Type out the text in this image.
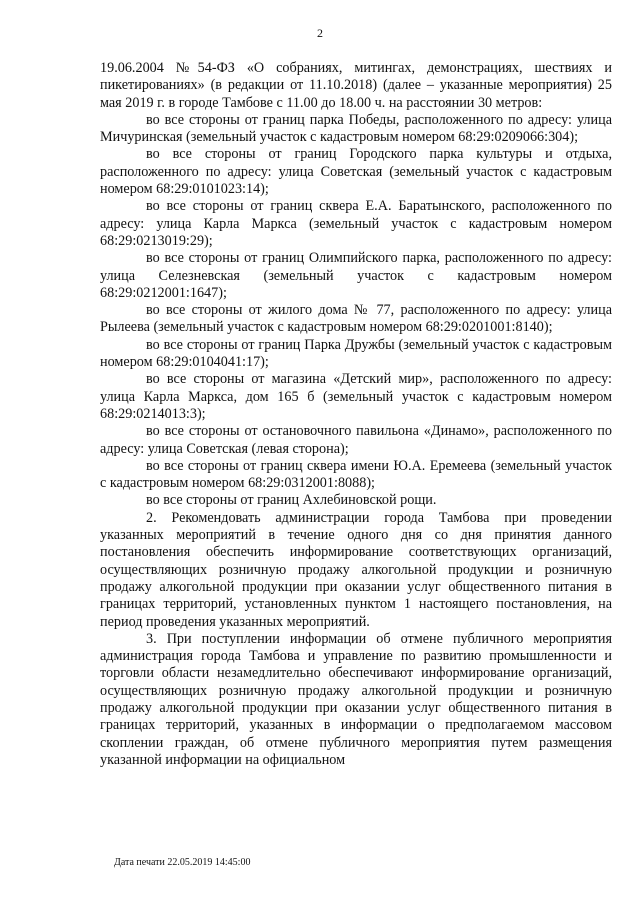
2

19.06.2004 №54-ФЗ «О собраниях, митингах, демонстрациях, шествиях и пикетированиях» (в редакции от 11.10.2018) (далее – указанные мероприятия) 25 мая 2019 г. в городе Тамбове с 11.00 до 18.00 ч. на расстоянии 30 метров:

во все стороны от границ парка Победы, расположенного по адресу: улица Мичуринская (земельный участок с кадастровым номером 68:29:0209066:304);

во все стороны от границ Городского парка культуры и отдыха, расположенного по адресу: улица Советская (земельный участок с кадастровым номером 68:29:0101023:14);

во все стороны от границ сквера Е.А. Баратынского, расположенного по адресу: улица Карла Маркса (земельный участок с кадастровым номером 68:29:0213019:29);

во все стороны от границ Олимпийского парка, расположенного по адресу: улица Селезневская (земельный участок с кадастровым номером 68:29:0212001:1647);

во все стороны от жилого дома № 77, расположенного по адресу: улица Рылеева (земельный участок с кадастровым номером 68:29:0201001:8140);

во все стороны от границ Парка Дружбы (земельный участок с кадастровым номером 68:29:0104041:17);

во все стороны от магазина «Детский мир», расположенного по адресу: улица Карла Маркса, дом 165 б (земельный участок с кадастровым номером 68:29:0214013:3);

во все стороны от остановочного павильона «Динамо», расположенного по адресу: улица Советская (левая сторона);

во все стороны от границ сквера имени Ю.А. Еремеева (земельный участок с кадастровым номером 68:29:0312001:8088);

во все стороны от границ Ахлебиновской рощи.

2. Рекомендовать администрации города Тамбова при проведении указанных мероприятий в течение одного дня со дня принятия данного постановления обеспечить информирование соответствующих организаций, осуществляющих розничную продажу алкогольной продукции и розничную продажу алкогольной продукции при оказании услуг общественного питания в границах территорий, установленных пунктом 1 настоящего постановления, на период проведения указанных мероприятий.

3. При поступлении информации об отмене публичного мероприятия администрация города Тамбова и управление по развитию промышленности и торговли области незамедлительно обеспечивают информирование организаций, осуществляющих розничную продажу алкогольной продукции и розничную продажу алкогольной продукции при оказании услуг общественного питания в границах территорий, указанных в информации о предполагаемом массовом скоплении граждан, об отмене публичного мероприятия путем размещения указанной информации на официальном

Дата печати 22.05.2019 14:45:00
